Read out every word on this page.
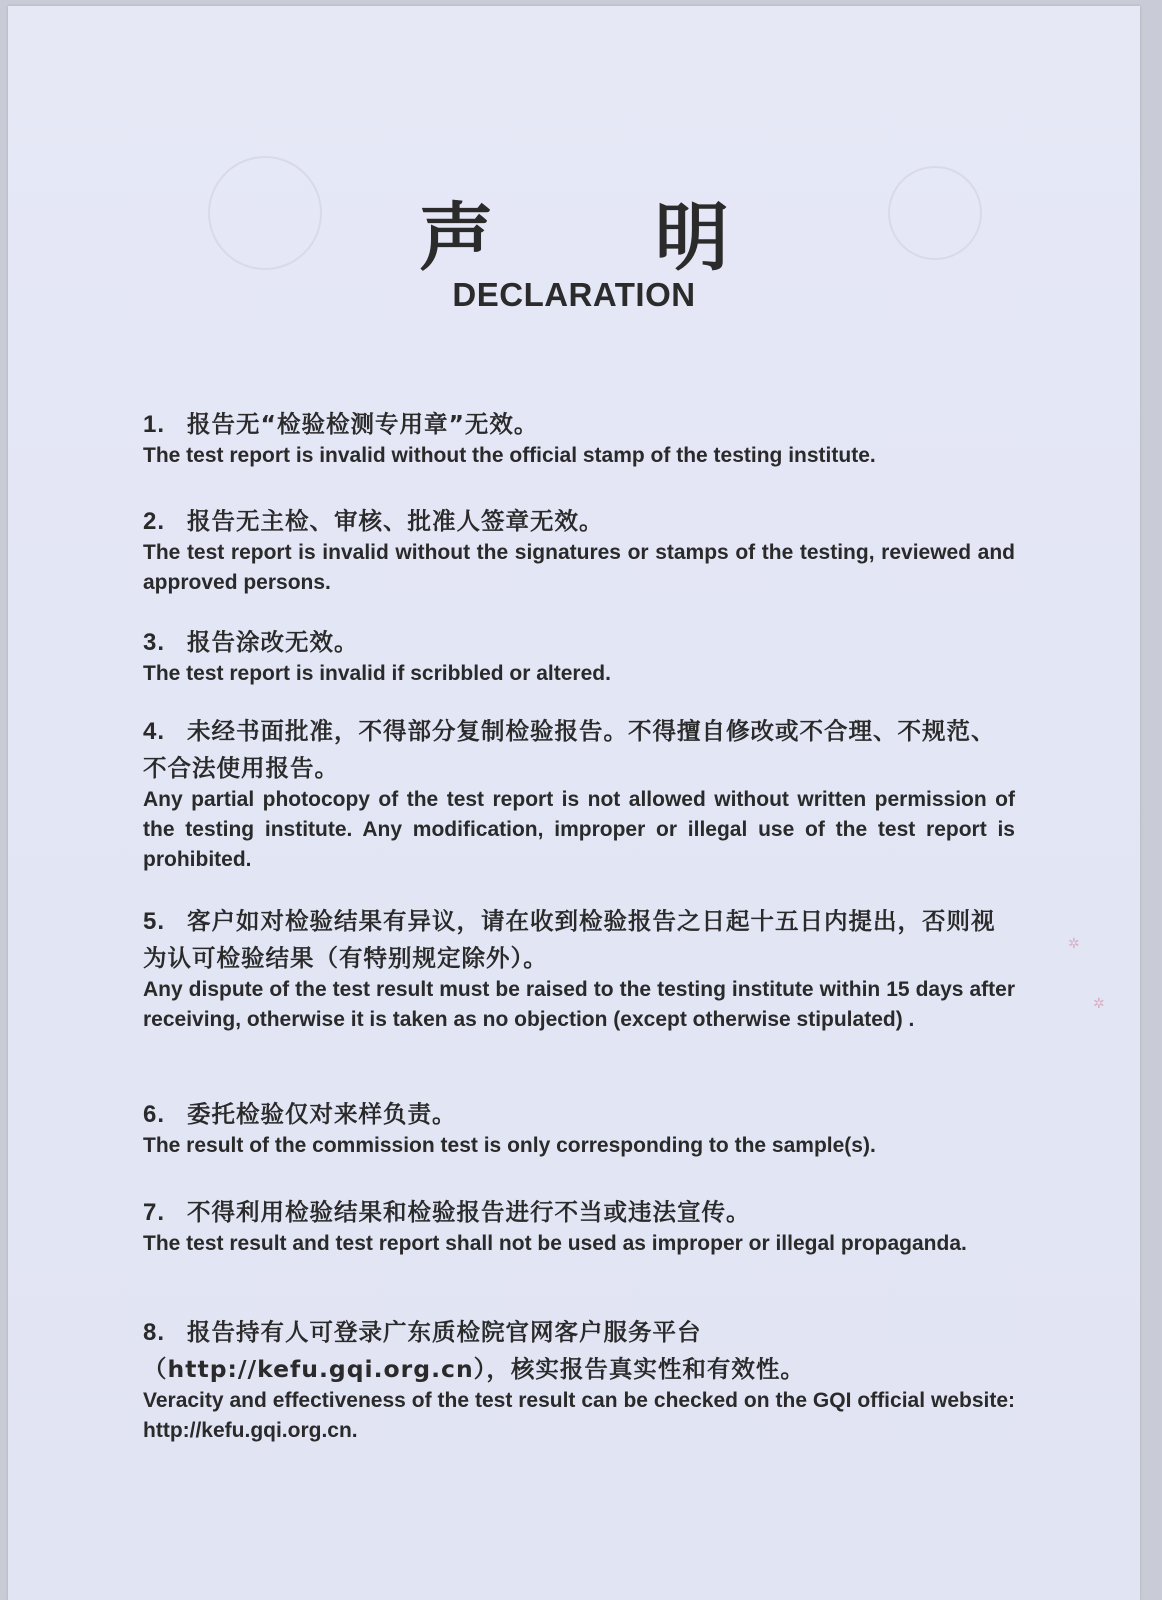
✲
✲
声 明
DECLARATION
1. 报告无“检验检测专用章”无效。
The test report is invalid without the official stamp of the testing institute.
2. 报告无主检、审核、批准人签章无效。
The test report is invalid without the signatures or stamps of the testing, reviewed and approved persons.
3. 报告涂改无效。
The test report is invalid if scribbled or altered.
4. 未经书面批准，不得部分复制检验报告。不得擅自修改或不合理、不规范、不合法使用报告。
Any partial photocopy of the test report is not allowed without written permission of the testing institute. Any modification, improper or illegal use of the test report is prohibited.
5. 客户如对检验结果有异议，请在收到检验报告之日起十五日内提出，否则视为认可检验结果（有特别规定除外）。
Any dispute of the test result must be raised to the testing institute within 15 days after receiving, otherwise it is taken as no objection (except otherwise stipulated) .
6. 委托检验仅对来样负责。
The result of the commission test is only corresponding to the sample(s).
7. 不得利用检验结果和检验报告进行不当或违法宣传。
The test result and test report shall not be used as improper or illegal propaganda.
8. 报告持有人可登录广东质检院官网客户服务平台（http://kefu.gqi.org.cn），核实报告真实性和有效性。
Veracity and effectiveness of the test result can be checked on the GQI official website: http://kefu.gqi.org.cn.
